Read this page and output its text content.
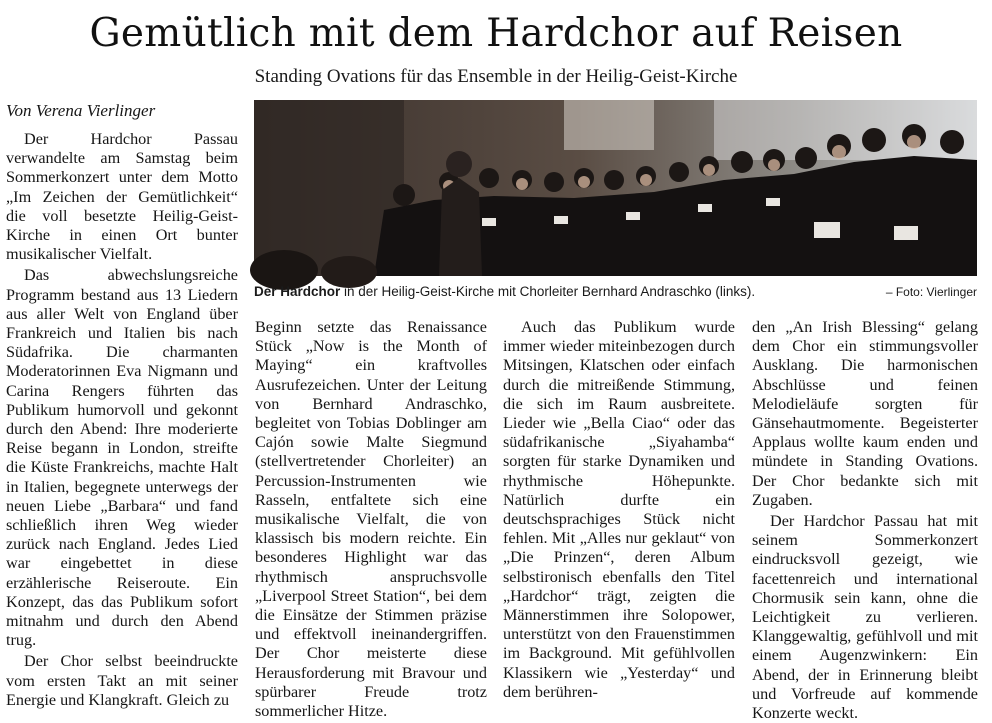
Gemütlich mit dem Hardchor auf Reisen
Standing Ovations für das Ensemble in der Heilig-Geist-Kirche
Von Verena Vierlinger
Der Hardchor in der Heilig-Geist-Kirche mit Chorleiter Bernhard Andraschko (links).	– Foto: Vierlinger

Der Hardchor Passau verwandelte am Samstag beim Sommerkonzert unter dem Motto „Im Zeichen der Gemütlichkeit“ die voll besetzte Heilig-Geist-Kirche in einen Ort bunter musikalischer Vielfalt.

Das abwechslungsreiche Programm bestand aus 13 Liedern aus aller Welt von England über Frankreich und Italien bis nach Südafrika. Die charmanten Moderatorinnen Eva Nigmann und Carina Rengers führten das Publikum humorvoll und gekonnt durch den Abend: Ihre moderierte Reise begann in London, streifte die Küste Frankreichs, machte Halt in Italien, begegnete unterwegs der neuen Liebe „Barbara“ und fand schließlich ihren Weg wieder zurück nach England. Jedes Lied war eingebettet in diese erzählerische Reiseroute. Ein Konzept, das das Publikum sofort mitnahm und durch den Abend trug.

Der Chor selbst beeindruckte vom ersten Takt an mit seiner Energie und Klangkraft. Gleich zu

Beginn setzte das Renaissance Stück „Now is the Month of Maying“ ein kraftvolles Ausrufezeichen. Unter der Leitung von Bernhard Andraschko, begleitet von Tobias Doblinger am Cajón sowie Malte Siegmund (stellvertretender Chorleiter) an Percussion-Instrumenten wie Rasseln, entfaltete sich eine musikalische Vielfalt, die von klassisch bis modern reichte. Ein besonderes Highlight war das rhythmisch anspruchsvolle „Liverpool Street Station“, bei dem die Einsätze der Stimmen präzise und effektvoll ineinandergriffen. Der Chor meisterte diese Herausforderung mit Bravour und spürbarer Freude trotz sommerlicher Hitze.

Auch das Publikum wurde immer wieder miteinbezogen durch Mitsingen, Klatschen oder einfach durch die mitreißende Stimmung, die sich im Raum ausbreitete. Lieder wie „Bella Ciao“ oder das südafrikanische „Siyahamba“ sorgten für starke Dynamiken und rhythmische Höhepunkte. Natürlich durfte ein deutschsprachiges Stück nicht fehlen. Mit „Alles nur geklaut“ von „Die Prinzen“, deren Album selbstironisch ebenfalls den Titel „Hardchor“ trägt, zeigten die Männerstimmen ihre Solopower, unterstützt von den Frauenstimmen im Background. Mit gefühlvollen Klassikern wie „Yesterday“ und dem berühren-

den „An Irish Blessing“ gelang dem Chor ein stimmungsvoller Ausklang. Die harmonischen Abschlüsse und feinen Melodieläufe sorgten für Gänsehautmomente. Begeisterter Applaus wollte kaum enden und mündete in Standing Ovations. Der Chor bedankte sich mit Zugaben.

Der Hardchor Passau hat mit seinem Sommerkonzert eindrucksvoll gezeigt, wie facettenreich und international Chormusik sein kann, ohne die Leichtigkeit zu verlieren. Klanggewaltig, gefühlvoll und mit einem Augenzwinkern: Ein Abend, der in Erinnerung bleibt und Vorfreude auf kommende Konzerte weckt.
